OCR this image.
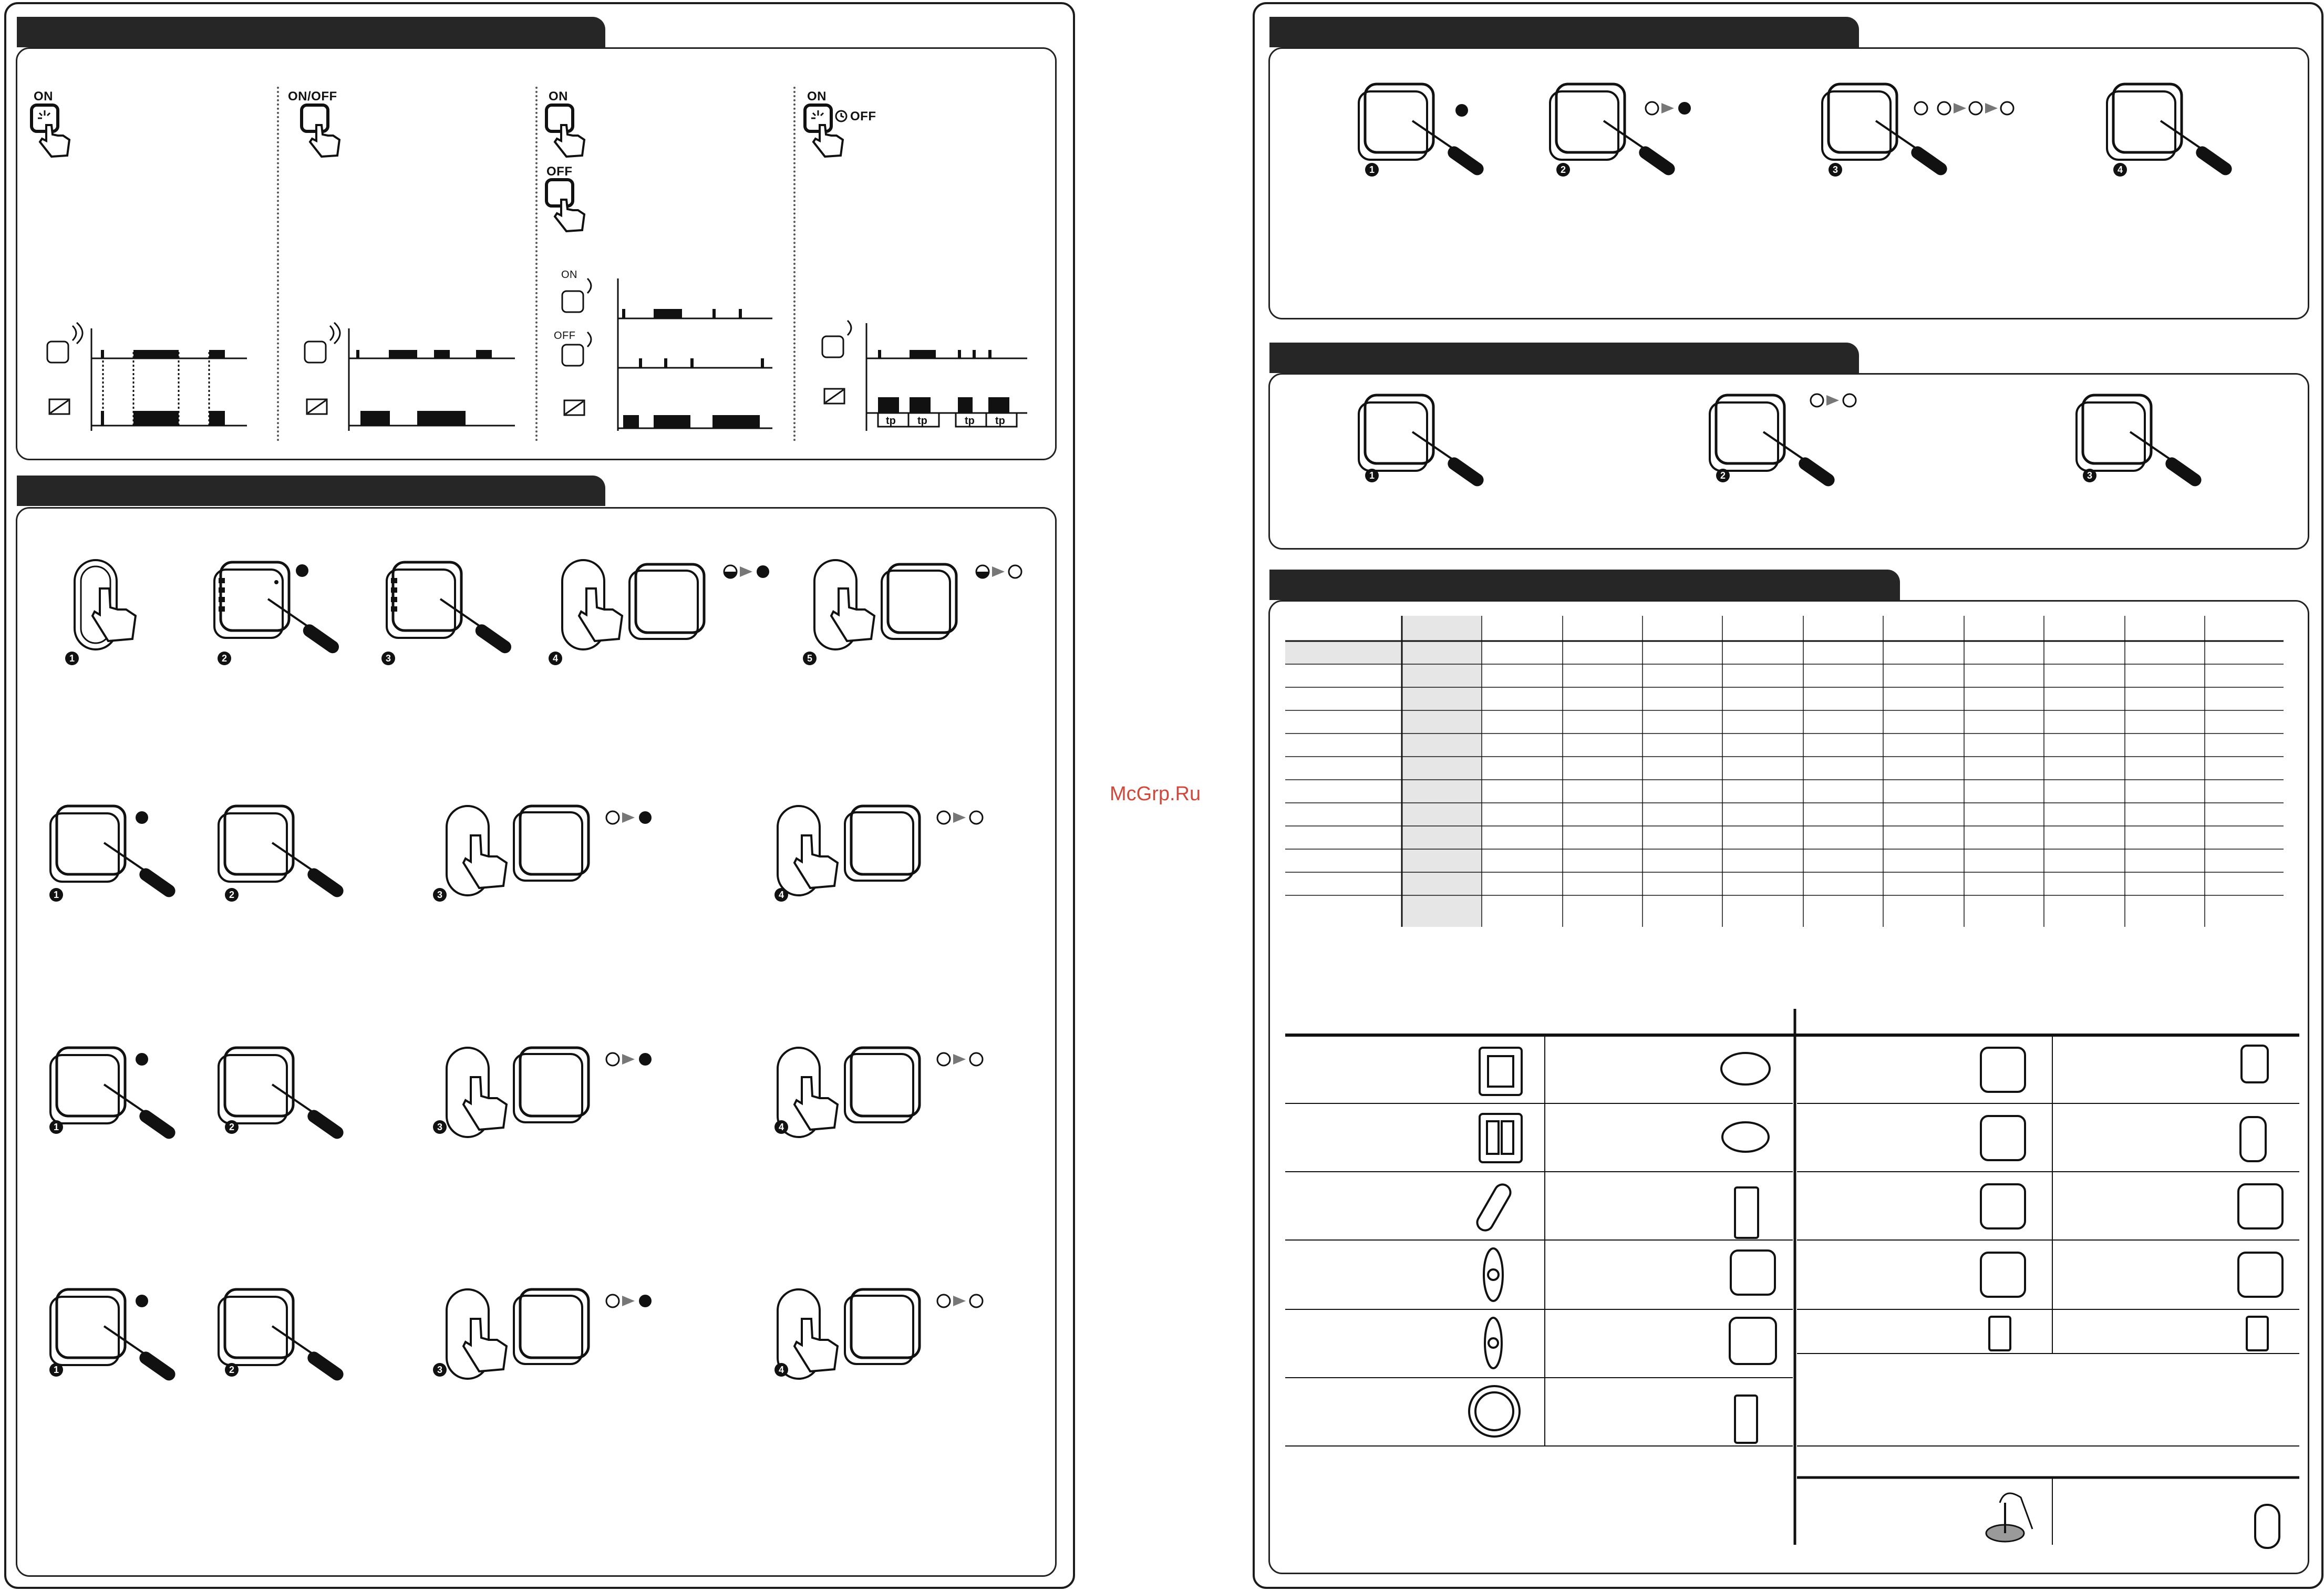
ON	ON/OFF	ON
OFF
ON
OFF
ON
OFF
tp tp	tp tp
1	2	3	4	5
1	2	3	4
1	2	3	4
1	2	3	4
McGrp.Ru
1	2	3	4
1	2	3
